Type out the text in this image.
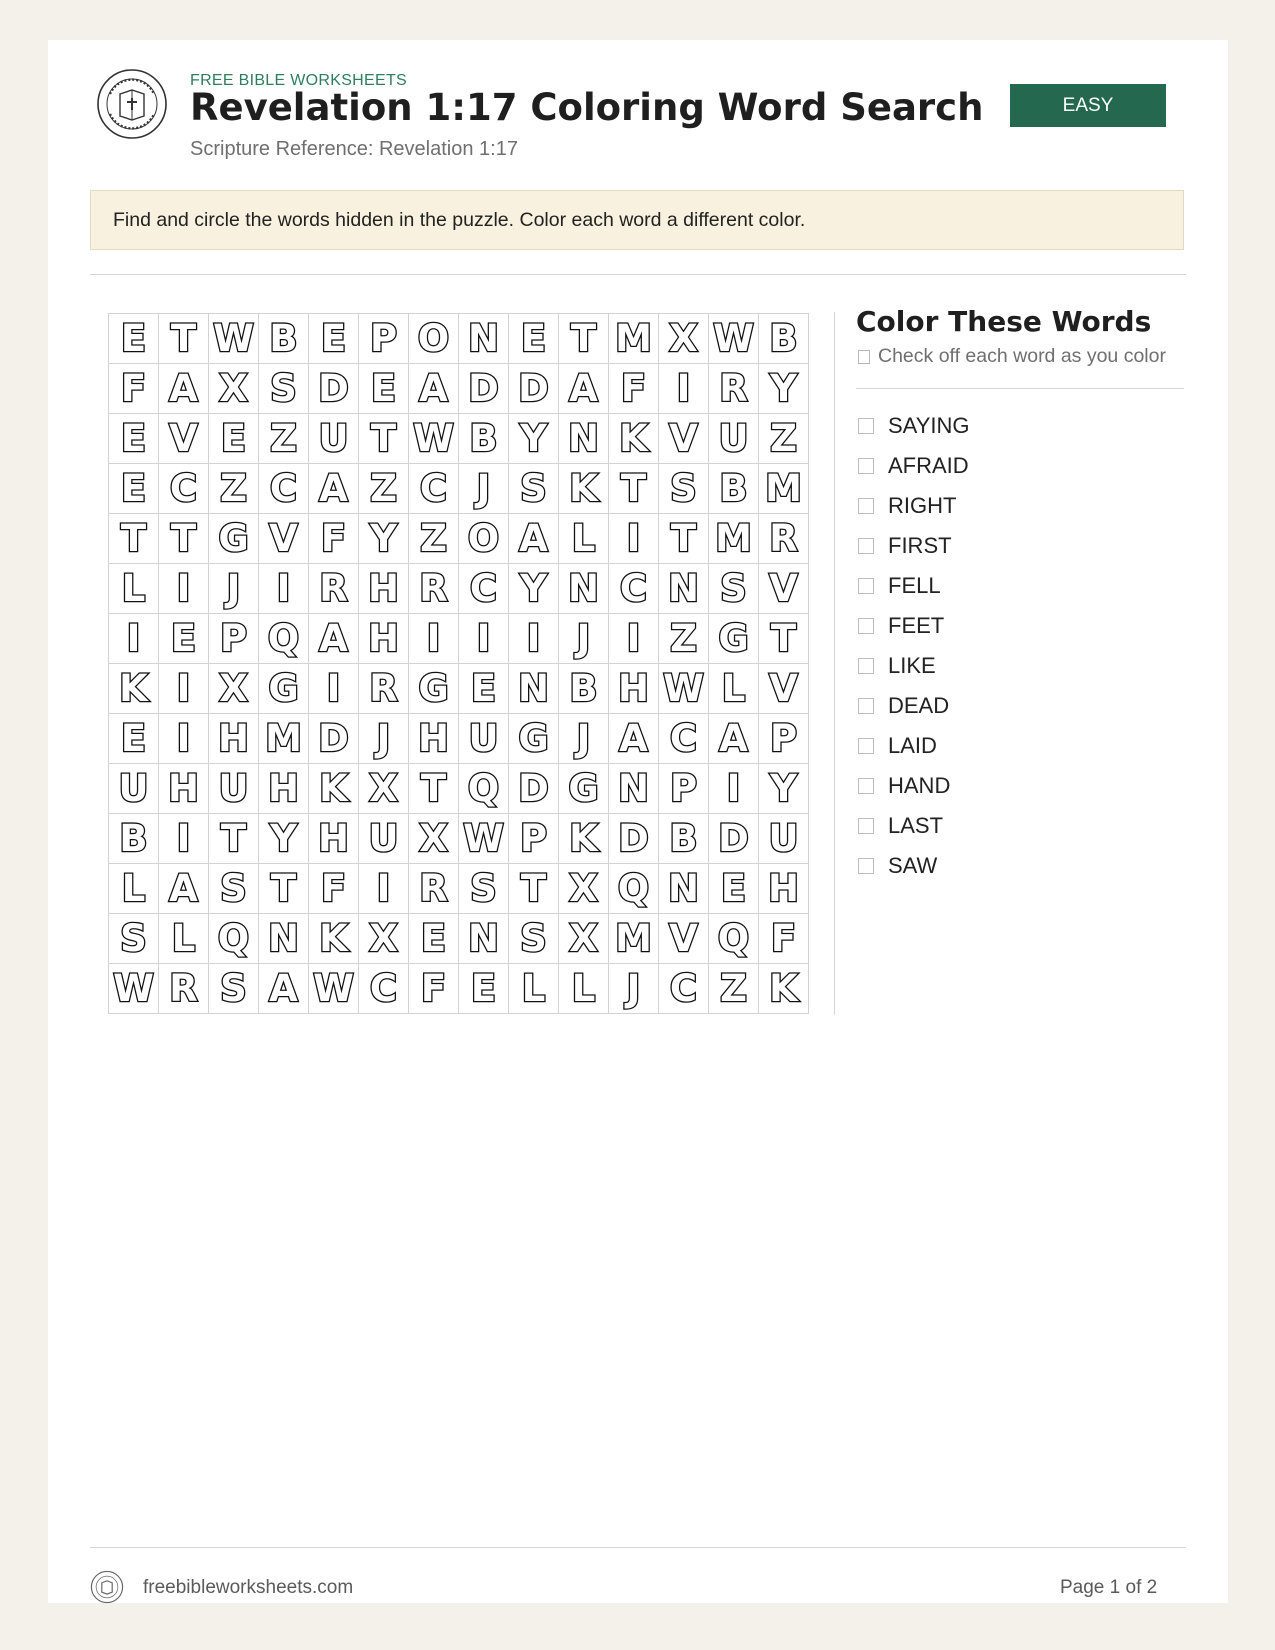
FREE BIBLE WORKSHEETS
Revelation 1:17 Coloring Word Search
Scripture Reference: Revelation 1:17
EASY
Find and circle the words hidden in the puzzle. Color each word a different color.
E T W B E P O N E T M X W B
F A X S D E A D D A F I R Y
E V E Z U T W B Y N K V U Z
E C Z C A Z C J S K T S B M
T T G V F Y Z O A L I T M R
L I J I R H R C Y N C N S V
I E P Q A H I I I J I Z G T
K I X G I R G E N B H W L V
E I H M D J H U G J A C A P
U H U H K X T Q D G N P I Y
B I T Y H U X W P K D B D U
L A S T F I R S T X Q N E H
S L Q N K X E N S X M V Q F
W R S A W C F E L L J C Z K
Color These Words
Check off each word as you color
SAYING
AFRAID
RIGHT
FIRST
FELL
FEET
LIKE
DEAD
LAID
HAND
LAST
SAW
freebibleworksheets.com	Page 1 of 2
